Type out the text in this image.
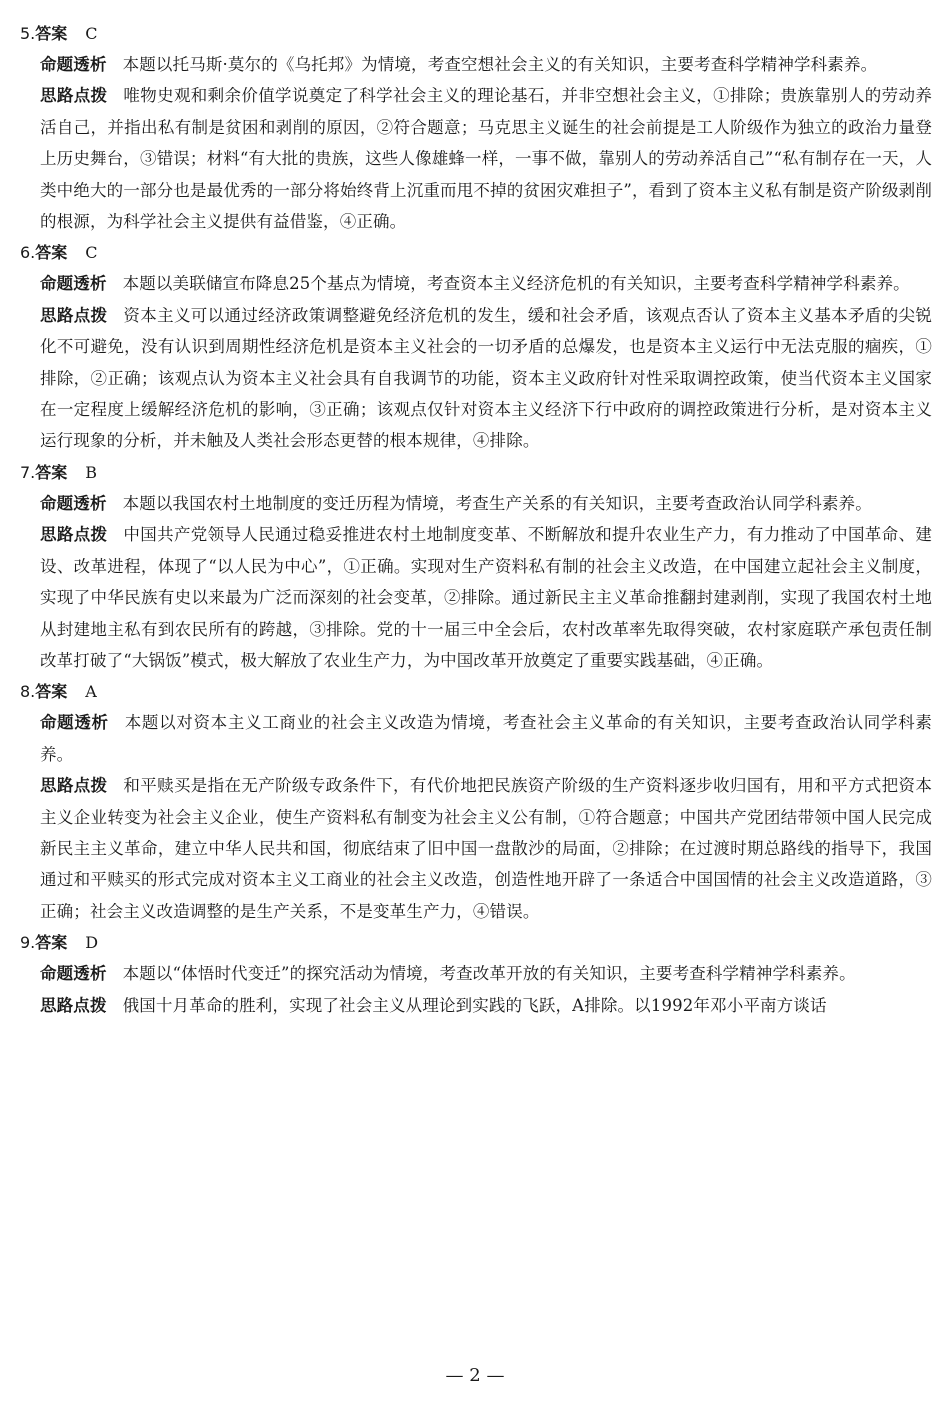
5.答案 C

命题透析 本题以托马斯·莫尔的《乌托邦》为情境，考查空想社会主义的有关知识，主要考查科学精神学科素养。

思路点拨 唯物史观和剩余价值学说奠定了科学社会主义的理论基石，并非空想社会主义，①排除；贵族靠别人的劳动养活自己，并指出私有制是贫困和剥削的原因，②符合题意；马克思主义诞生的社会前提是工人阶级作为独立的政治力量登上历史舞台，③错误；材料“有大批的贵族，这些人像雄蜂一样，一事不做，靠别人的劳动养活自己”“私有制存在一天，人类中绝大的一部分也是最优秀的一部分将始终背上沉重而甩不掉的贫困灾难担子”，看到了资本主义私有制是资产阶级剥削的根源，为科学社会主义提供有益借鉴，④正确。

6.答案 C

命题透析 本题以美联储宣布降息25个基点为情境，考查资本主义经济危机的有关知识，主要考查科学精神学科素养。

思路点拨 资本主义可以通过经济政策调整避免经济危机的发生，缓和社会矛盾，该观点否认了资本主义基本矛盾的尖锐化不可避免，没有认识到周期性经济危机是资本主义社会的一切矛盾的总爆发，也是资本主义运行中无法克服的痼疾，①排除，②正确；该观点认为资本主义社会具有自我调节的功能，资本主义政府针对性采取调控政策，使当代资本主义国家在一定程度上缓解经济危机的影响，③正确；该观点仅针对资本主义经济下行中政府的调控政策进行分析，是对资本主义运行现象的分析，并未触及人类社会形态更替的根本规律，④排除。

7.答案 B

命题透析 本题以我国农村土地制度的变迁历程为情境，考查生产关系的有关知识，主要考查政治认同学科素养。

思路点拨 中国共产党领导人民通过稳妥推进农村土地制度变革、不断解放和提升农业生产力，有力推动了中国革命、建设、改革进程，体现了“以人民为中心”，①正确。实现对生产资料私有制的社会主义改造，在中国建立起社会主义制度，实现了中华民族有史以来最为广泛而深刻的社会变革，②排除。通过新民主主义革命推翻封建剥削，实现了我国农村土地从封建地主私有到农民所有的跨越，③排除。党的十一届三中全会后，农村改革率先取得突破，农村家庭联产承包责任制改革打破了“大锅饭”模式，极大解放了农业生产力，为中国改革开放奠定了重要实践基础，④正确。

8.答案 A

命题透析 本题以对资本主义工商业的社会主义改造为情境，考查社会主义革命的有关知识，主要考查政治认同学科素养。

思路点拨 和平赎买是指在无产阶级专政条件下，有代价地把民族资产阶级的生产资料逐步收归国有，用和平方式把资本主义企业转变为社会主义企业，使生产资料私有制变为社会主义公有制，①符合题意；中国共产党团结带领中国人民完成新民主主义革命，建立中华人民共和国，彻底结束了旧中国一盘散沙的局面，②排除；在过渡时期总路线的指导下，我国通过和平赎买的形式完成对资本主义工商业的社会主义改造，创造性地开辟了一条适合中国国情的社会主义改造道路，③正确；社会主义改造调整的是生产关系，不是变革生产力，④错误。

9.答案 D

命题透析 本题以“体悟时代变迁”的探究活动为情境，考查改革开放的有关知识，主要考查科学精神学科素养。

思路点拨 俄国十月革命的胜利，实现了社会主义从理论到实践的飞跃，A排除。以1992年邓小平南方谈话

— 2 —
